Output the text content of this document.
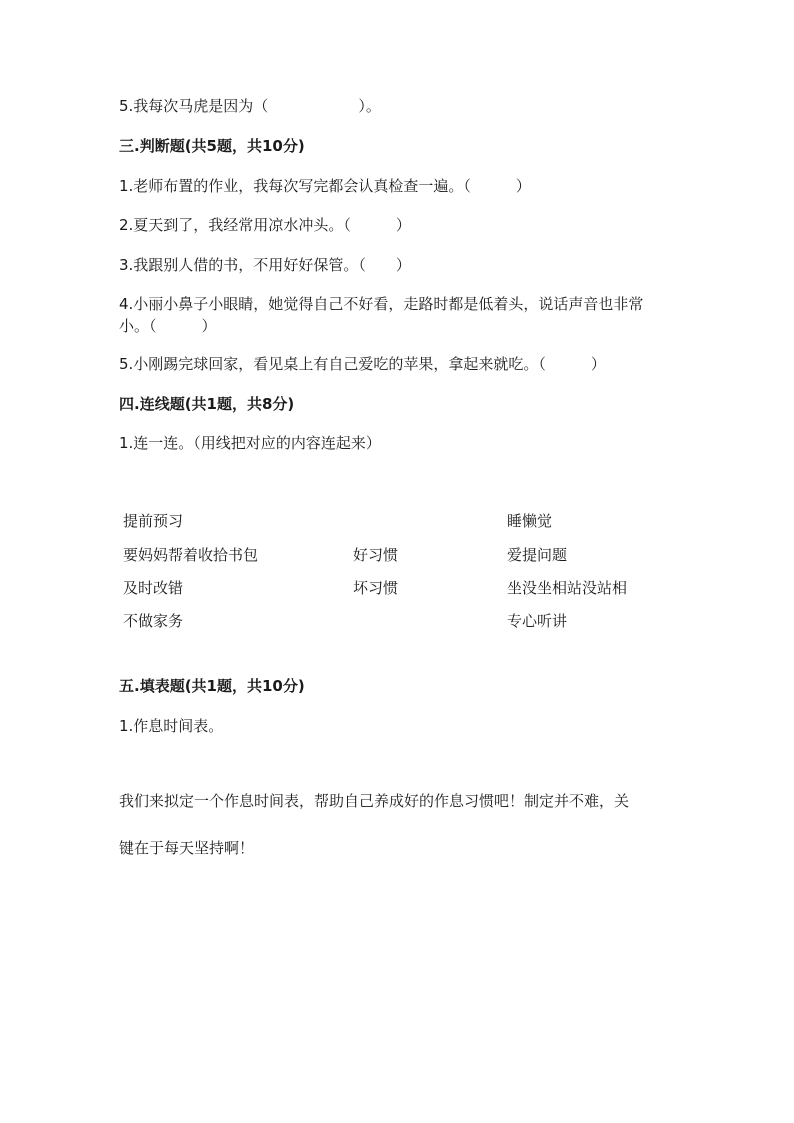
5.我每次马虎是因为（　　　　　　）。
三.判断题(共5题，共10分)
1.老师布置的作业，我每次写完都会认真检查一遍。（　　　）
2.夏天到了，我经常用凉水冲头。（　　　）
3.我跟别人借的书，不用好好保管。（　　）
4.小丽小鼻子小眼睛，她觉得自己不好看，走路时都是低着头，说话声音也非常小。（　　　）
5.小刚踢完球回家，看见桌上有自己爱吃的苹果，拿起来就吃。（　　　）
四.连线题(共1题，共8分)
1.连一连。（用线把对应的内容连起来）
提前预习
要妈妈帮着收拾书包
及时改错
不做家务
好习惯
坏习惯
睡懒觉
爱提问题
坐没坐相站没站相
专心听讲
五.填表题(共1题，共10分)
1.作息时间表。
我们来拟定一个作息时间表，帮助自己养成好的作息习惯吧！制定并不难，关
键在于每天坚持啊！
